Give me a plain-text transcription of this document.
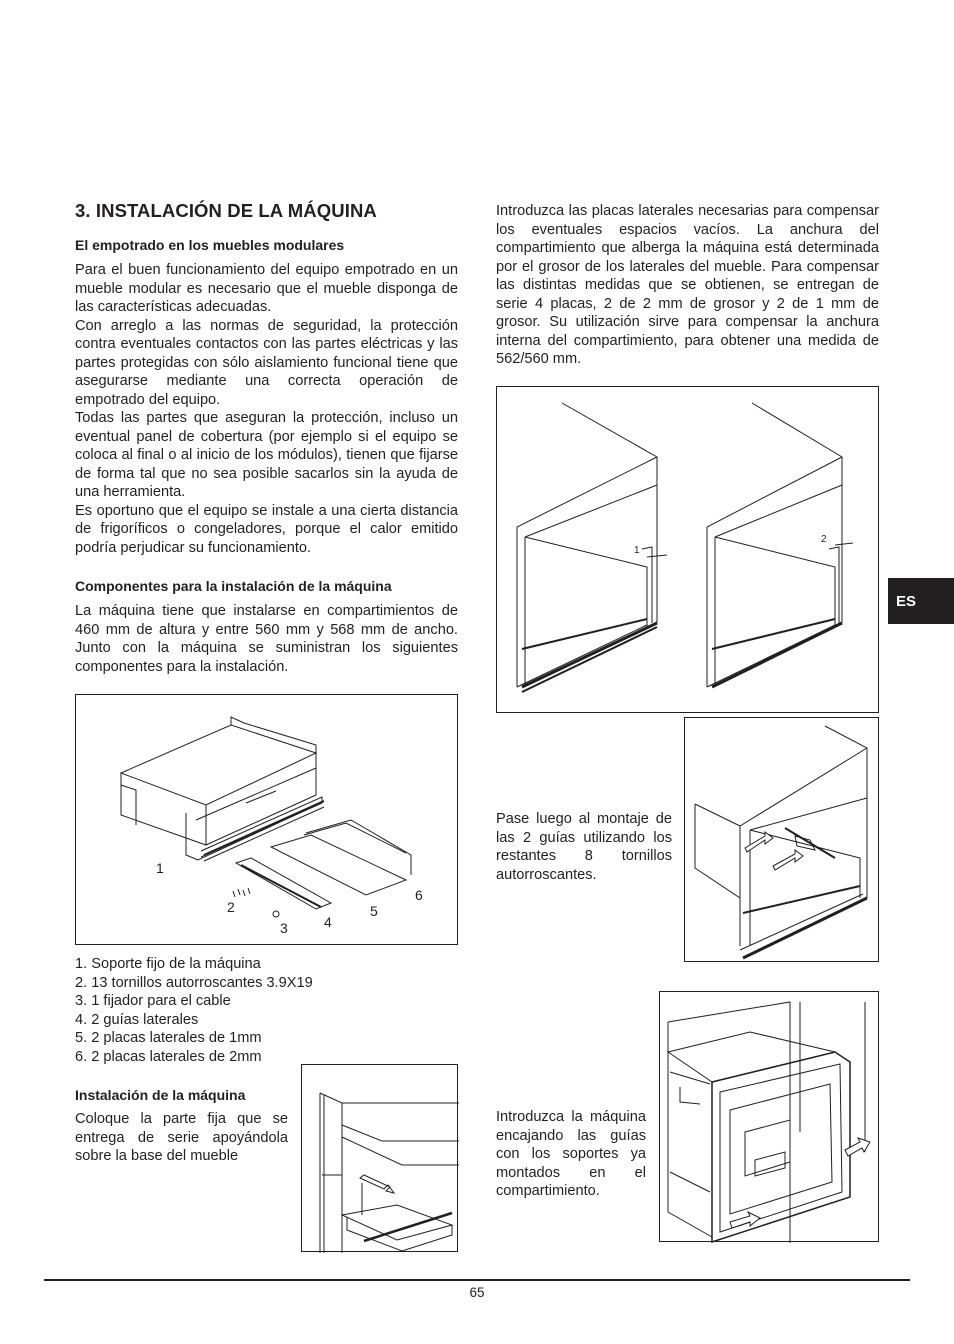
3. INSTALACIÓN DE LA MÁQUINA
El empotrado en los muebles modulares
Para el buen funcionamiento del equipo empotrado en un mueble modular es necesario que el mueble disponga de las características adecuadas.
Con arreglo a las normas de seguridad, la protección contra eventuales contactos con las partes eléctricas y las partes protegidas con sólo aislamiento funcional tiene que asegurarse mediante una correcta operación de empotrado del equipo.
Todas las partes que aseguran la protección, incluso un eventual panel de cobertura (por ejemplo si el equipo se coloca al final o al inicio de los módulos), tienen que fijarse de forma tal que no sea posible sacarlos sin la ayuda de una herramienta.
Es oportuno que el equipo se instale a una cierta distancia de frigoríficos o congeladores, porque el calor emitido podría perjudicar su funcionamiento.
Componentes para la instalación de la máquina
La máquina tiene que instalarse en compartimientos de 460 mm de altura y entre 560 mm y 568 mm de ancho. Junto con la máquina se suministran los siguientes componentes para la instalación.
1
2
3	4
5
6
1. Soporte fijo de la máquina
2. 13 tornillos autorroscantes 3.9X19
3. 1 fijador para el cable
4. 2 guías laterales
5. 2 placas laterales de 1mm
6. 2 placas laterales de 2mm
Instalación de la máquina
Coloque la parte fija que se entrega de serie apoyándola sobre la base del mueble
Introduzca las placas laterales necesarias para compensar los eventuales espacios vacíos. La anchura del compartimiento que alberga la máquina está determinada por el grosor de los laterales del mueble. Para compensar las distintas medidas que se obtienen, se entregan de serie 4 placas, 2 de 2 mm de grosor y 2 de 1 mm de grosor. Su utilización sirve para compensar la anchura interna del compartimiento, para obtener una medida de 562/560 mm.
1
2
Pase luego al montaje de las 2 guías utilizando los restantes 8 tornillos autorroscantes.
Introduzca la máquina encajando las guías con los soportes ya montados en el compartimiento.
ES
65
